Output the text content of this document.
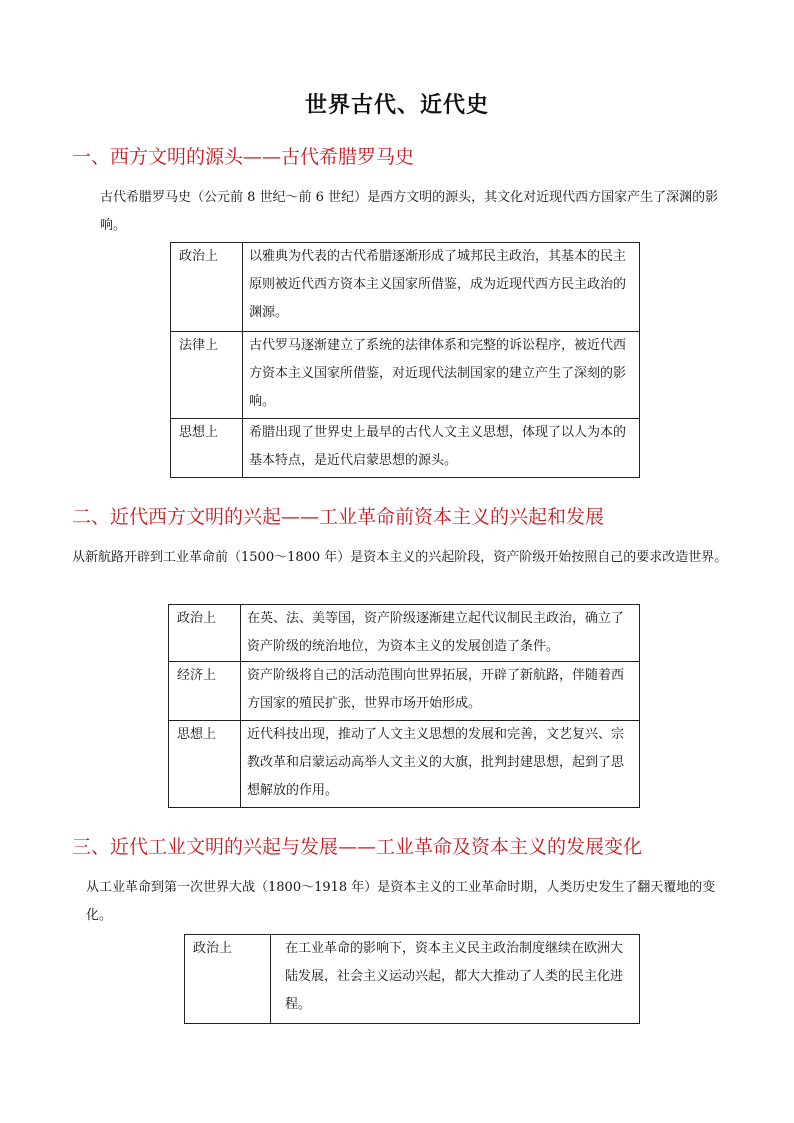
世界古代、近代史
一、西方文明的源头——古代希腊罗马史

古代希腊罗马史（公元前 8 世纪～前 6 世纪）是西方文明的源头，其文化对近现代西方国家产生了深渊的影响。

政治上	以雅典为代表的古代希腊逐渐形成了城邦民主政治，其基本的民主原则被近代西方资本主义国家所借鉴，成为近现代西方民主政治的渊源。
法律上	古代罗马逐渐建立了系统的法律体系和完整的诉讼程序，被近代西方资本主义国家所借鉴，对近现代法制国家的建立产生了深刻的影响。
思想上	希腊出现了世界史上最早的古代人文主义思想，体现了以人为本的基本特点，是近代启蒙思想的源头。
二、近代西方文明的兴起——工业革命前资本主义的兴起和发展

从新航路开辟到工业革命前（1500～1800 年）是资本主义的兴起阶段，资产阶级开始按照自己的要求改造世界。

政治上	在英、法、美等国，资产阶级逐渐建立起代议制民主政治，确立了资产阶级的统治地位，为资本主义的发展创造了条件。
经济上	资产阶级将自己的活动范围向世界拓展，开辟了新航路，伴随着西方国家的殖民扩张，世界市场开始形成。
思想上	近代科技出现，推动了人文主义思想的发展和完善，文艺复兴、宗教改革和启蒙运动高举人文主义的大旗，批判封建思想，起到了思想解放的作用。
三、近代工业文明的兴起与发展——工业革命及资本主义的发展变化

从工业革命到第一次世界大战（1800～1918 年）是资本主义的工业革命时期，人类历史发生了翻天覆地的变化。

政治上	在工业革命的影响下，资本主义民主政治制度继续在欧洲大陆发展，社会主义运动兴起，都大大推动了人类的民主化进程。
